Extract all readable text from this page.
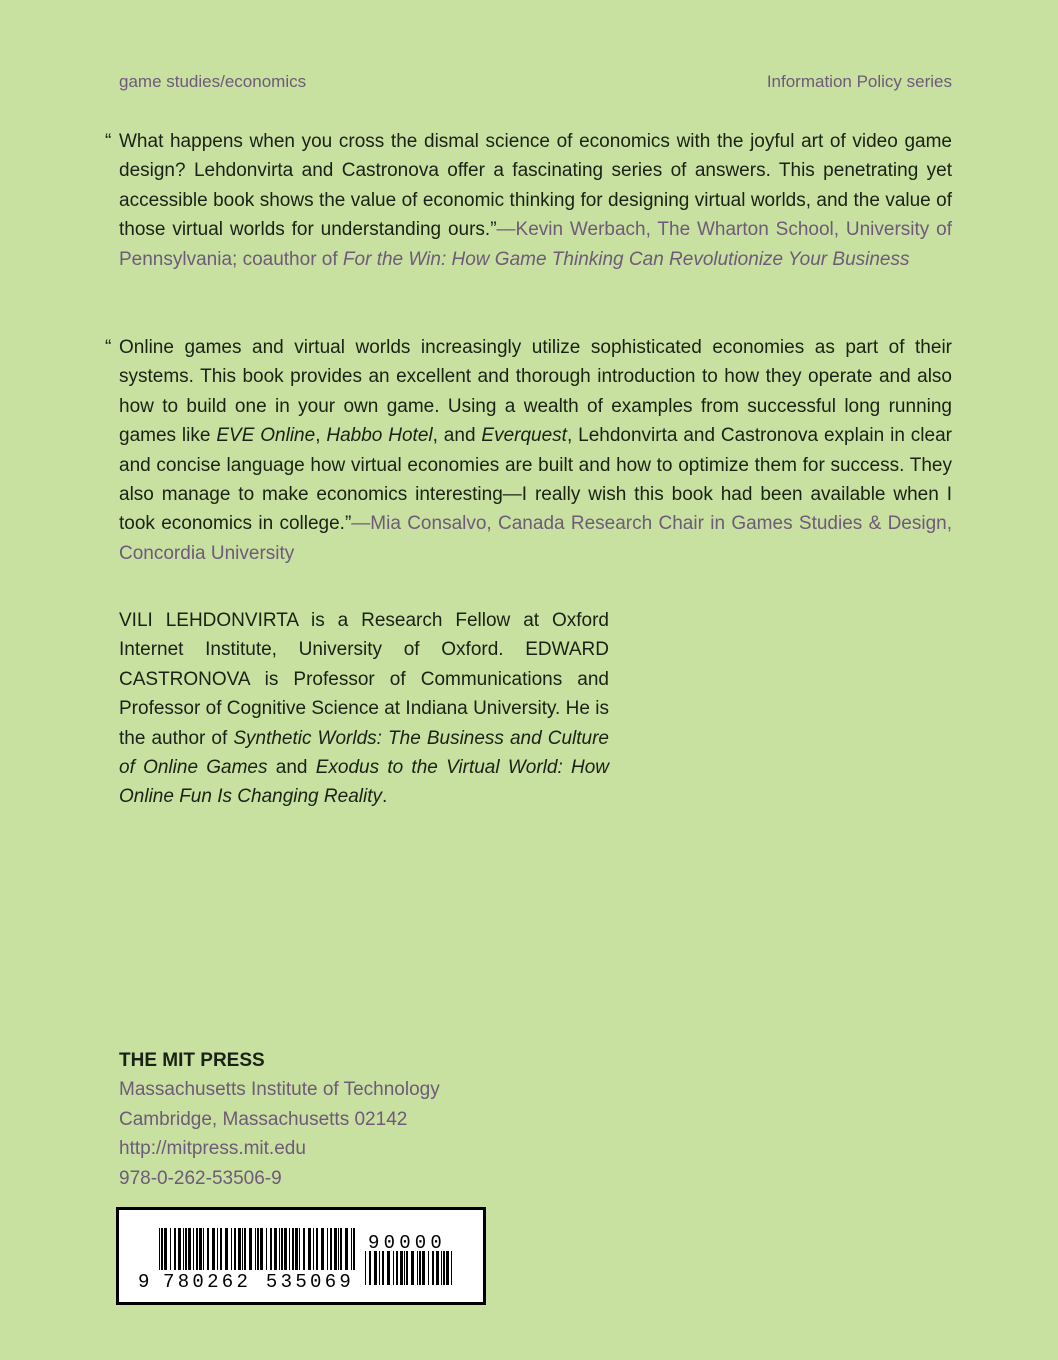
game studies/economics	Information Policy series
“ What happens when you cross the dismal science of economics with the joyful art of video game design? Lehdonvirta and Castronova offer a fascinating series of answers. This penetrating yet accessible book shows the value of economic thinking for designing virtual worlds, and the value of those virtual worlds for understanding ours.”—Kevin Werbach, The Wharton School, University of Pennsylvania; coauthor of For the Win: How Game Thinking Can Revolutionize Your Business
“ Online games and virtual worlds increasingly utilize sophisticated economies as part of their systems. This book provides an excellent and thorough introduction to how they operate and also how to build one in your own game. Using a wealth of examples from successful long running games like EVE Online, Habbo Hotel, and Everquest, Lehdonvirta and Castronova explain in clear and concise language how virtual economies are built and how to optimize them for success. They also manage to make economics interesting—I really wish this book had been available when I took economics in college.”—Mia Consalvo, Canada Research Chair in Games Studies & Design, Concordia University
VILI LEHDONVIRTA is a Research Fellow at Oxford Internet Institute, University of Oxford. EDWARD CASTRONOVA is Professor of Communications and Professor of Cognitive Science at Indiana University. He is the author of Synthetic Worlds: The Business and Culture of Online Games and Exodus to the Virtual World: How Online Fun Is Changing Reality.
THE MIT PRESS
Massachusetts Institute of Technology
Cambridge, Massachusetts 02142
http://mitpress.mit.edu
978-0-262-53506-9
9 780262 535069
90000
